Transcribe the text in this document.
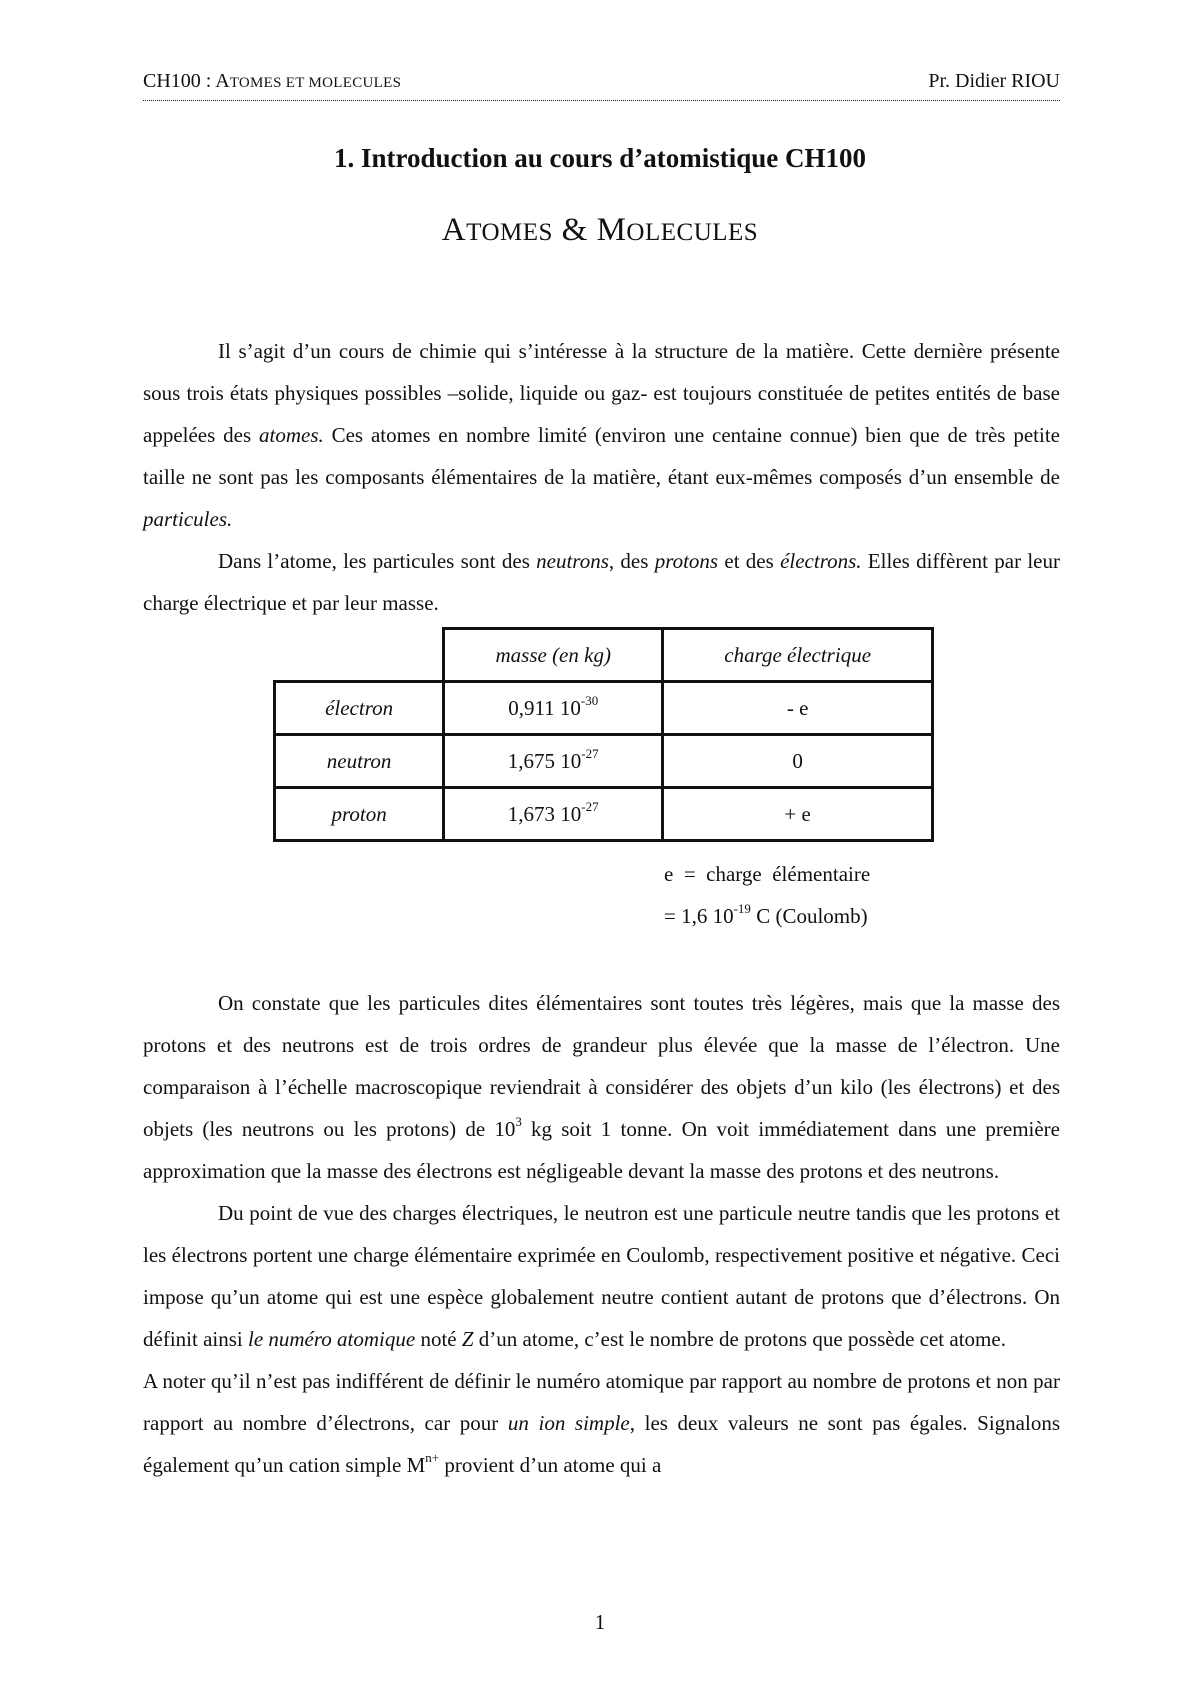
CH100 : ATOMES ET MOLECULES	Pr. Didier RIOU
1. Introduction au cours d’atomistique CH100
ATOMES & MOLECULES

Il s’agit d’un cours de chimie qui s’intéresse à la structure de la matière. Cette dernière présente sous trois états physiques possibles –solide, liquide ou gaz- est toujours constituée de petites entités de base appelées des atomes. Ces atomes en nombre limité (environ une centaine connue) bien que de très petite taille ne sont pas les composants élémentaires de la matière, étant eux-mêmes composés d’un ensemble de particules.

Dans l’atome, les particules sont des neutrons, des protons et des électrons. Elles diffèrent par leur charge électrique et par leur masse.

	masse (en kg)	charge électrique
électron	0,911 $10^{-30}$	- e
neutron	1,675 $10^{-27}$	0
proton	1,673 $10^{-27}$	+ e
e  =  charge  élémentaire
= 1,6 $10^{-19}$ C (Coulomb)

On constate que les particules dites élémentaires sont toutes très légères, mais que la masse des protons et des neutrons est de trois ordres de grandeur plus élevée que la masse de l’électron. Une comparaison à l’échelle macroscopique reviendrait à considérer des objets d’un kilo (les électrons) et des objets (les neutrons ou les protons) de $10^3$ kg soit 1 tonne. On voit immédiatement dans une première approximation que la masse des électrons est négligeable devant la masse des protons et des neutrons.

Du point de vue des charges électriques, le neutron est une particule neutre tandis que les protons et les électrons portent une charge élémentaire exprimée en Coulomb, respectivement positive et négative. Ceci impose qu’un atome qui est une espèce globalement neutre contient autant de protons que d’électrons. On définit ainsi le numéro atomique noté Z d’un atome, c’est le nombre de protons que possède cet atome.

A noter qu’il n’est pas indifférent de définir le numéro atomique par rapport au nombre de protons et non par rapport au nombre d’électrons, car pour un ion simple, les deux valeurs ne sont pas égales. Signalons également qu’un cation simple $M^{n+}$ provient d’un atome qui a

1
